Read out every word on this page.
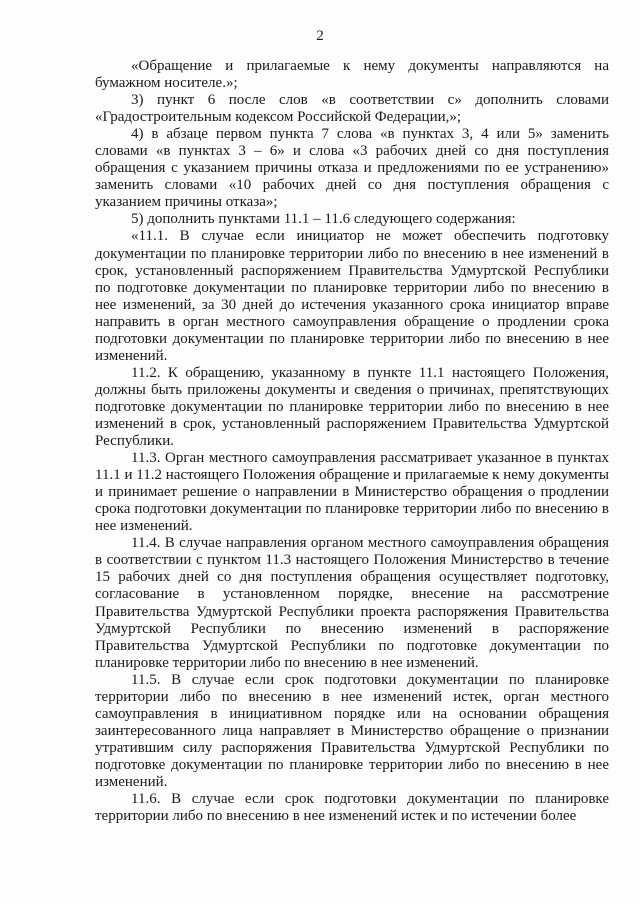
2

«Обращение и прилагаемые к нему документы направляются на бумажном носителе.»;

3) пункт 6 после слов «в соответствии с» дополнить словами «Градостроительным кодексом Российской Федерации,»;

4) в абзаце первом пункта 7 слова «в пунктах 3, 4 или 5» заменить словами «в пунктах 3 – 6» и слова «3 рабочих дней со дня поступления обращения с указанием причины отказа и предложениями по ее устранению» заменить словами «10 рабочих дней со дня поступления обращения с указанием причины отказа»;

5) дополнить пунктами 11.1 – 11.6 следующего содержания:

«11.1. В случае если инициатор не может обеспечить подготовку документации по планировке территории либо по внесению в нее изменений в срок, установленный распоряжением Правительства Удмуртской Республики по подготовке документации по планировке территории либо по внесению в нее изменений, за 30 дней до истечения указанного срока инициатор вправе направить в орган местного самоуправления обращение о продлении срока подготовки документации по планировке территории либо по внесению в нее изменений.

11.2. К обращению, указанному в пункте 11.1 настоящего Положения, должны быть приложены документы и сведения о причинах, препятствующих подготовке документации по планировке территории либо по внесению в нее изменений в срок, установленный распоряжением Правительства Удмуртской Республики.

11.3. Орган местного самоуправления рассматривает указанное в пунктах 11.1 и 11.2 настоящего Положения обращение и прилагаемые к нему документы и принимает решение о направлении в Министерство обращения о продлении срока подготовки документации по планировке территории либо по внесению в нее изменений.

11.4. В случае направления органом местного самоуправления обращения в соответствии с пунктом 11.3 настоящего Положения Министерство в течение 15 рабочих дней со дня поступления обращения осуществляет подготовку, согласование в установленном порядке, внесение на рассмотрение Правительства Удмуртской Республики проекта распоряжения Правительства Удмуртской Республики по внесению изменений в распоряжение Правительства Удмуртской Республики по подготовке документации по планировке территории либо по внесению в нее изменений.

11.5. В случае если срок подготовки документации по планировке территории либо по внесению в нее изменений истек, орган местного самоуправления в инициативном порядке или на основании обращения заинтересованного лица направляет в Министерство обращение о признании утратившим силу распоряжения Правительства Удмуртской Республики по подготовке документации по планировке территории либо по внесению в нее изменений.

11.6. В случае если срок подготовки документации по планировке территории либо по внесению в нее изменений истек и по истечении более
